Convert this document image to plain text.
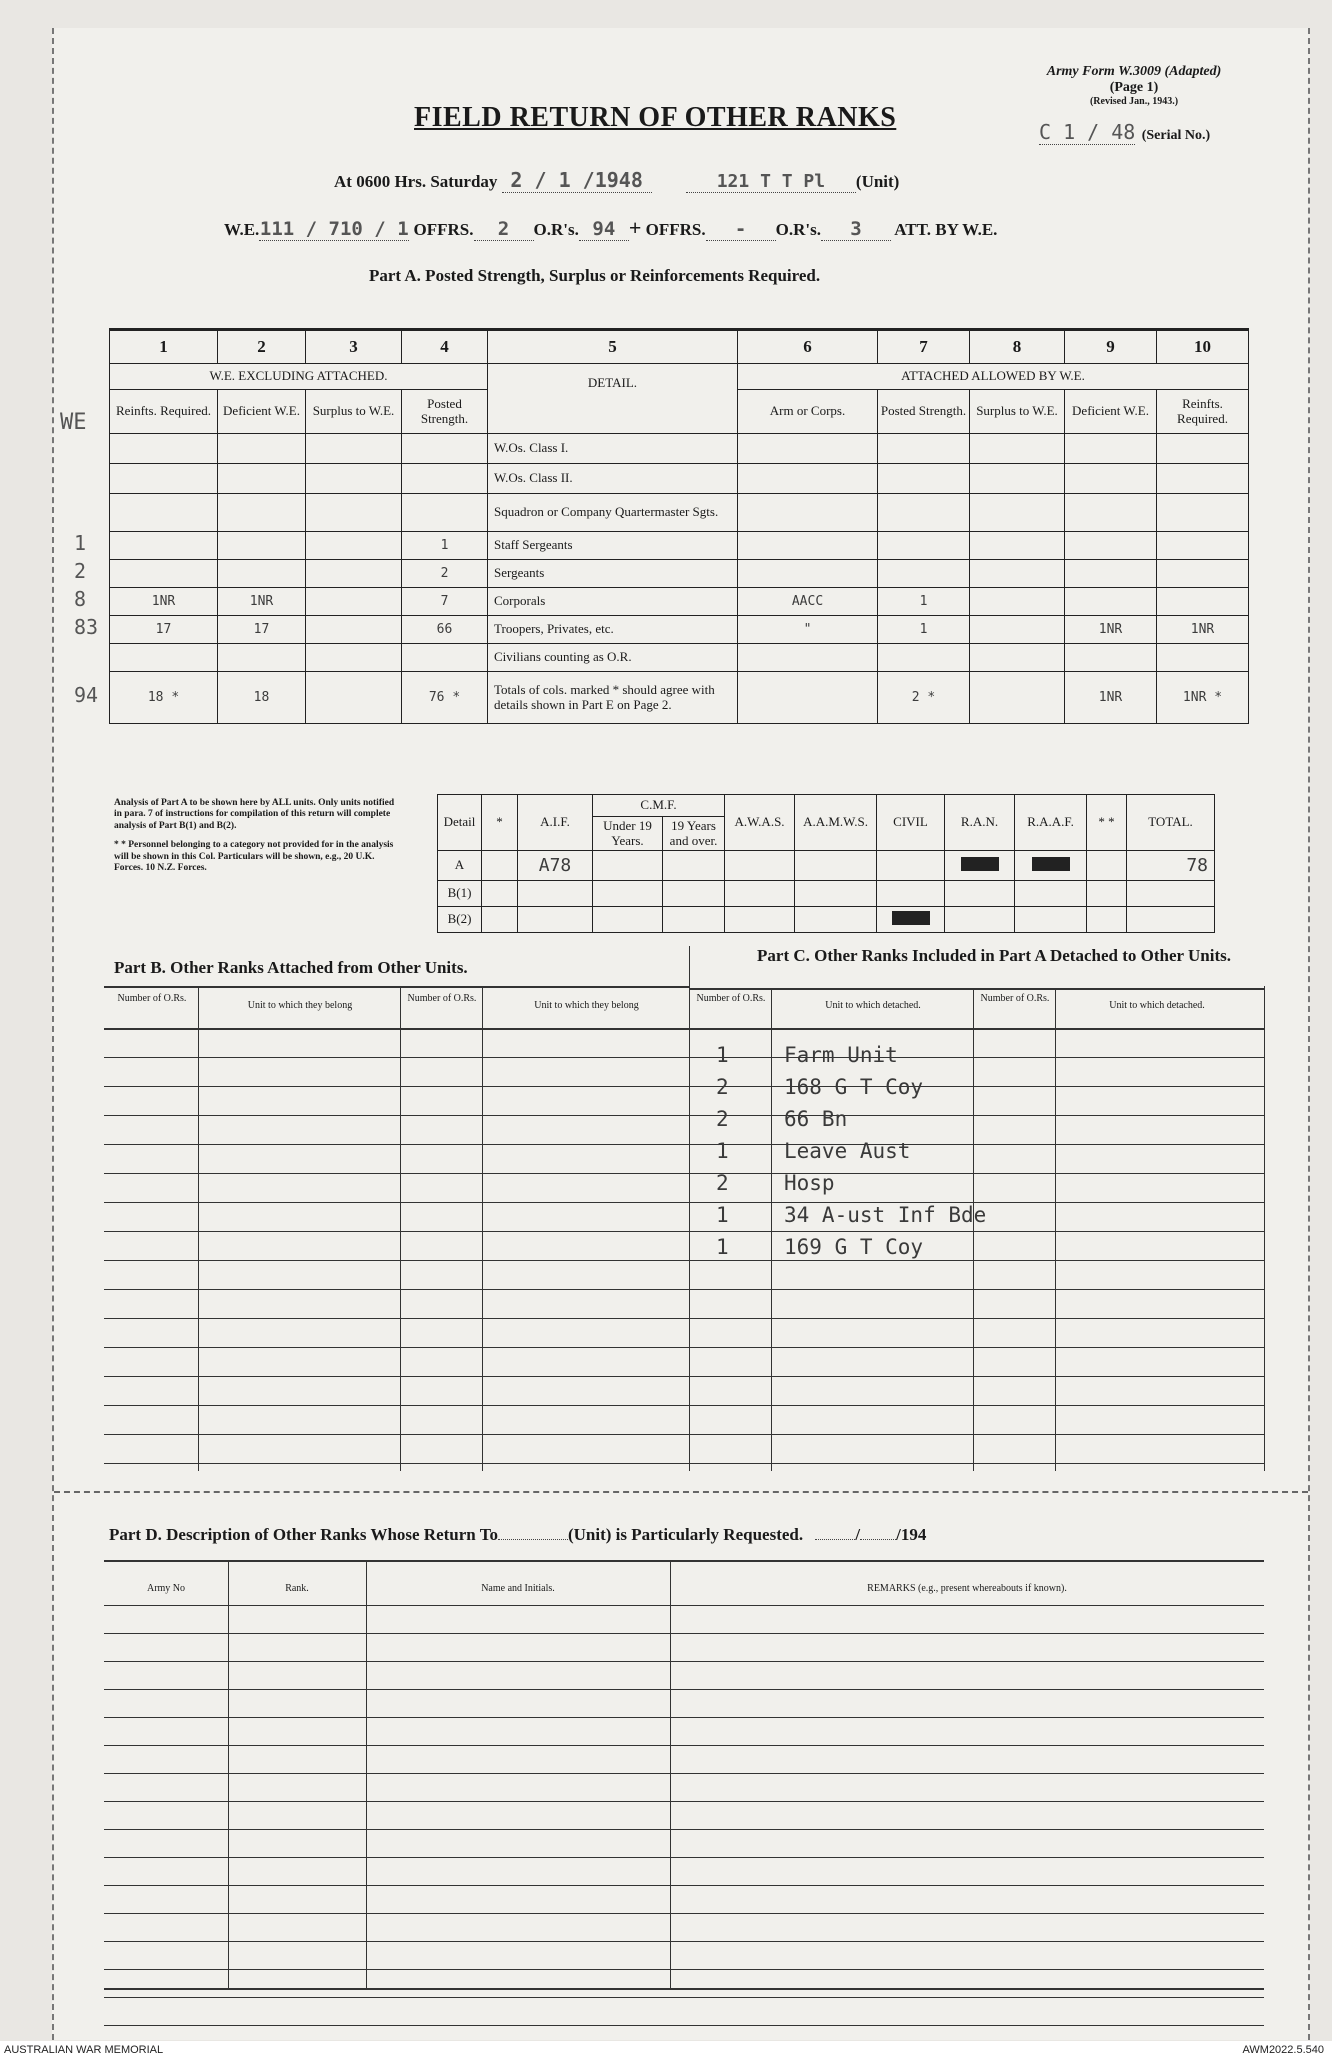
Army Form W.3009 (Adapted)
(Page 1)
(Revised Jan., 1943.)
C 1 / 48 (Serial No.)
FIELD RETURN OF OTHER RANKS
At 0600 Hrs. Saturday 2 / 1 /1948	121 T T Pl (Unit)
W.E.111 / 710 / 1 OFFRS. 2 O.R's. 94 + OFFRS. - O.R's. 3 ATT. BY W.E.
Part A. Posted Strength, Surplus or Reinforcements Required.
1	2	3	4	5	6	7	8	9	10
W.E. EXCLUDING ATTACHED.				DETAIL.	ATTACHED ALLOWED BY W.E.				
Reinfts. Required.	Deficient W.E.	Surplus to W.E.	Posted Strength.		Arm or Corps.	Posted Strength.	Surplus to W.E.	Deficient W.E.	Reinfts. Required.
				W.Os. Class I.					
				W.Os. Class II.					
				Squadron or Company Quartermaster Sgts.					
			1	Staff Sergeants					
			2	Sergeants					
1NR	1NR		7	Corporals	AACC	1			
17	17		66	Troopers, Privates, etc.	"	1		1NR	1NR
				Civilians counting as O.R.					
18 *	18		76 *	Totals of cols. marked * should agree with details shown in Part E on Page 2.		2 *		1NR	1NR *
WE
1
2
8
83
94
Analysis of Part A to be shown here by ALL units. Only units notified in para. 7 of instructions for compilation of this return will complete analysis of Part B(1) and B(2).
* * Personnel belonging to a category not provided for in the analysis will be shown in this Col. Particulars will be shown, e.g., 20 U.K. Forces. 10 N.Z. Forces.
Detail	*	A.I.F.	C.M.F.		A.W.A.S.	A.A.M.W.S.	CIVIL	R.A.N.	R.A.A.F.	* *	TOTAL.
			Under 19 Years.	19 Years and over.							
A		A78									78
B(1)											
B(2)											
Part B. Other Ranks Attached from Other Units.
Part C. Other Ranks Included in Part A Detached to Other Units.
Number of O.Rs.
Unit to which they belong
Number of O.Rs.
Unit to which they belong
Number of O.Rs.
Unit to which detached.
Number of O.Rs.
Unit to which detached.
1	Farm Unit
2	168 G T Coy
2	66 Bn
1	Leave Aust
2	Hosp
1	34 A-ust Inf Bde
1	169 G T Coy
Part D. Description of Other Ranks Whose Return To	(Unit) is Particularly Requested.	/ /194
Army No	Rank.	Name and Initials.	REMARKS (e.g., present whereabouts if known).
AUSTRALIAN WAR MEMORIAL	AWM2022.5.540
